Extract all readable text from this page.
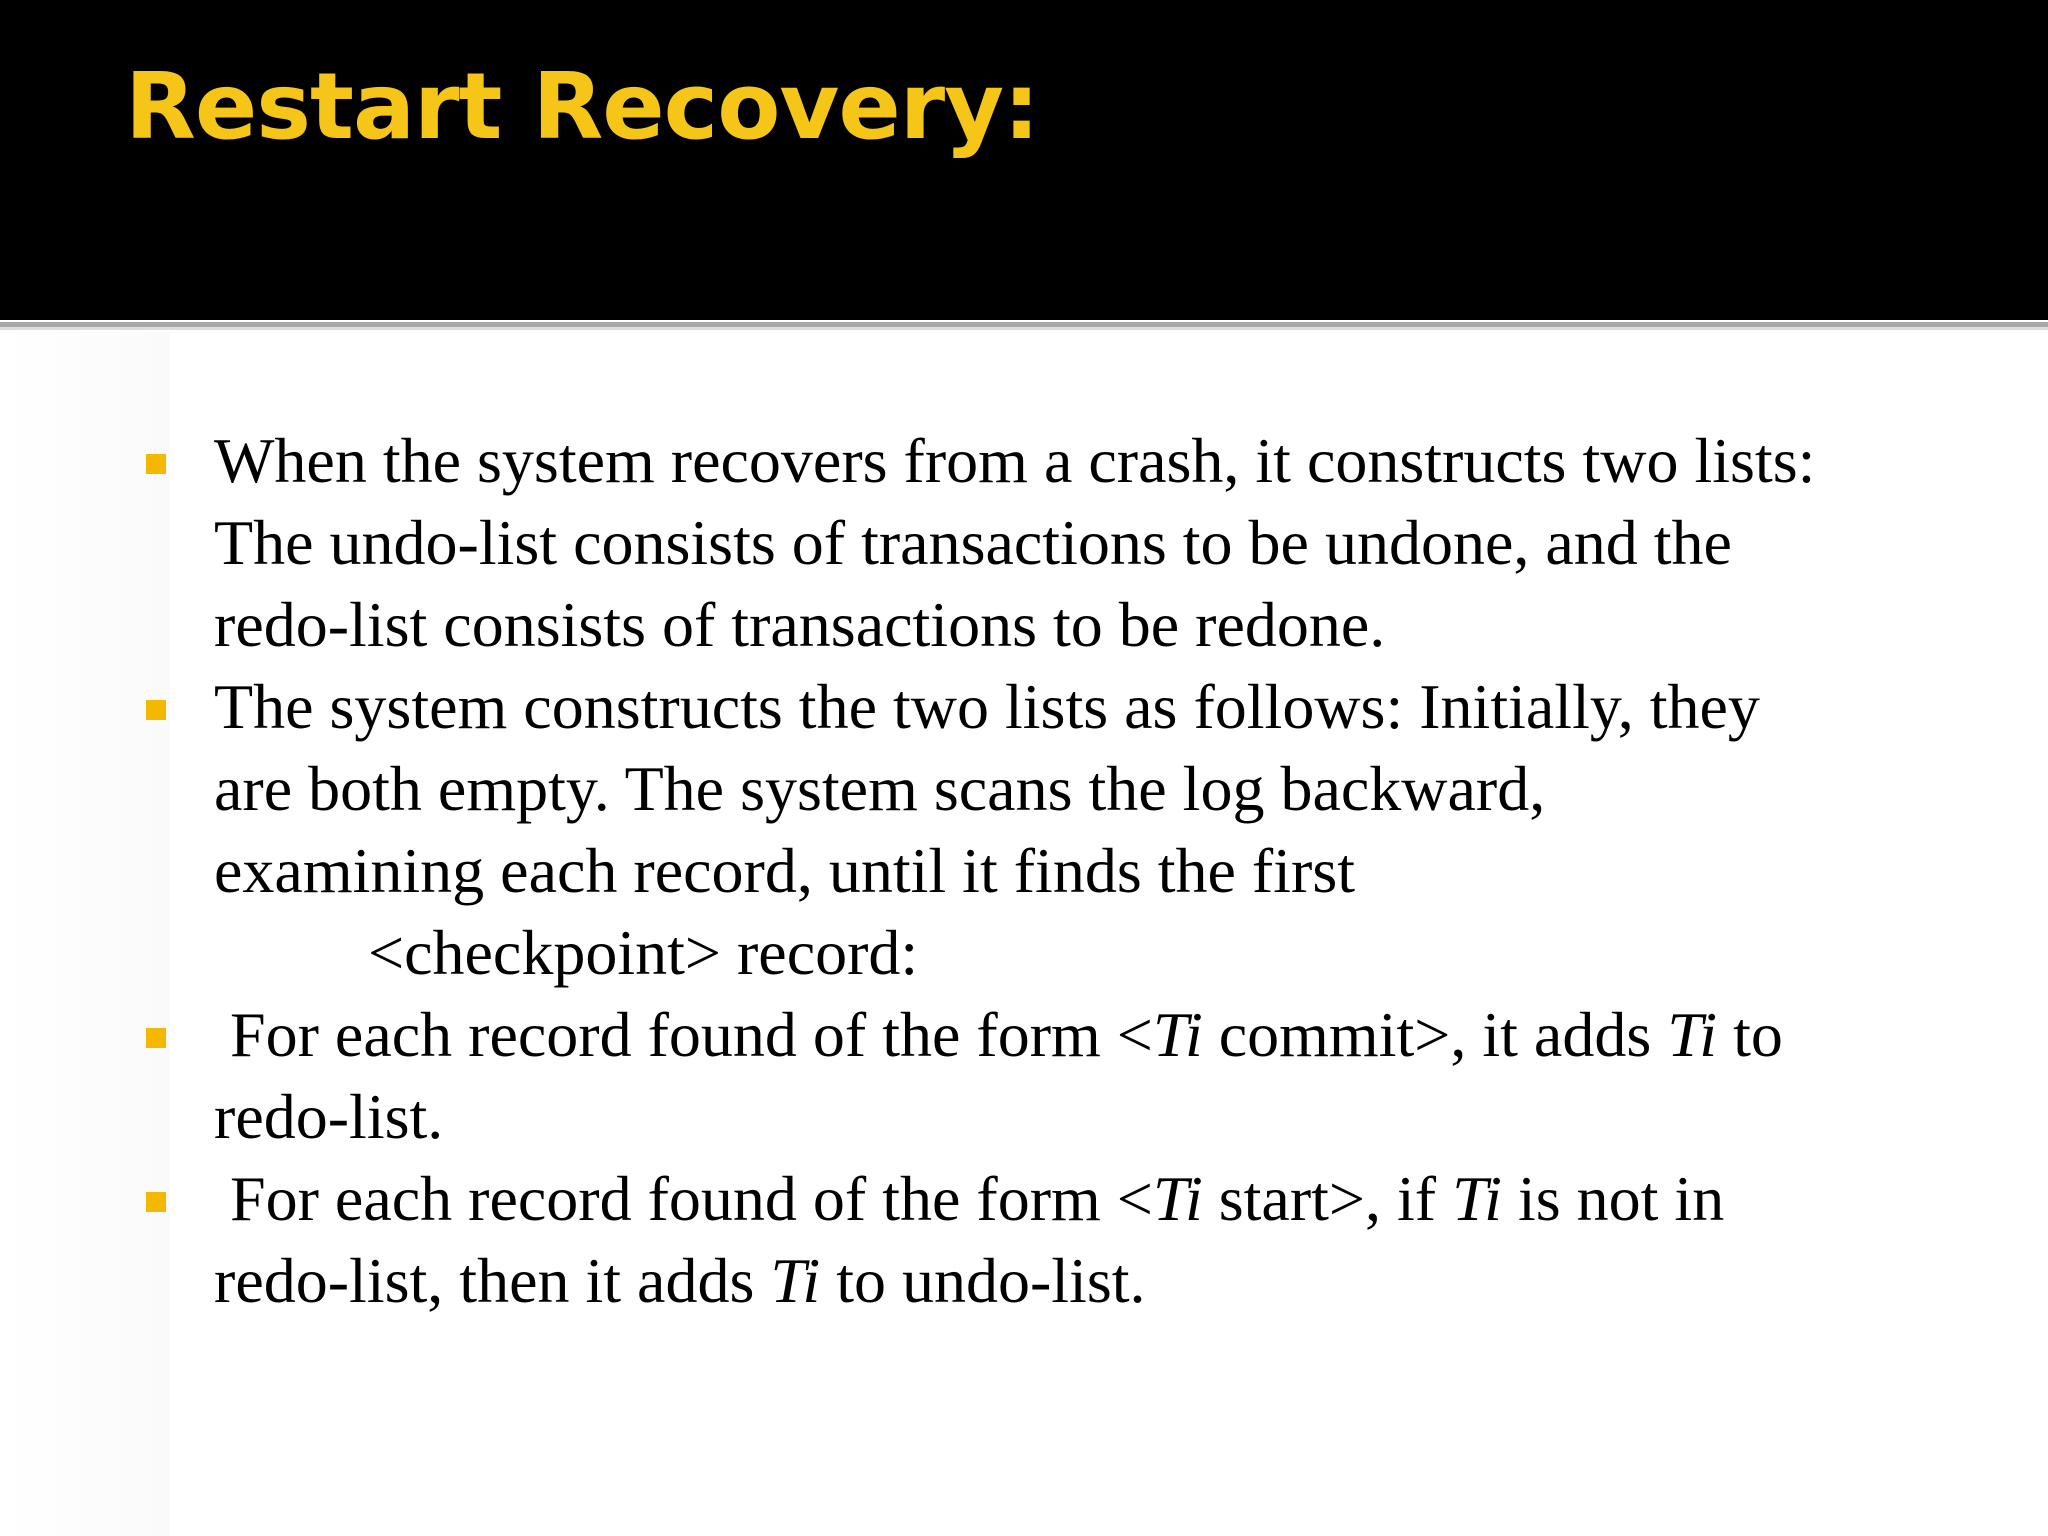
Restart Recovery:
When the system recovers from a crash, it constructs two lists:
The undo-list consists of transactions to be undone, and the
redo-list consists of transactions to be redone.
The system constructs the two lists as follows: Initially, they
are both empty. The system scans the log backward,
examining each record, until it finds the first
<checkpoint> record:
For each record found of the form <Ti commit>, it adds Ti to
redo-list.
For each record found of the form <Ti start>, if Ti is not in
redo-list, then it adds Ti to undo-list.
